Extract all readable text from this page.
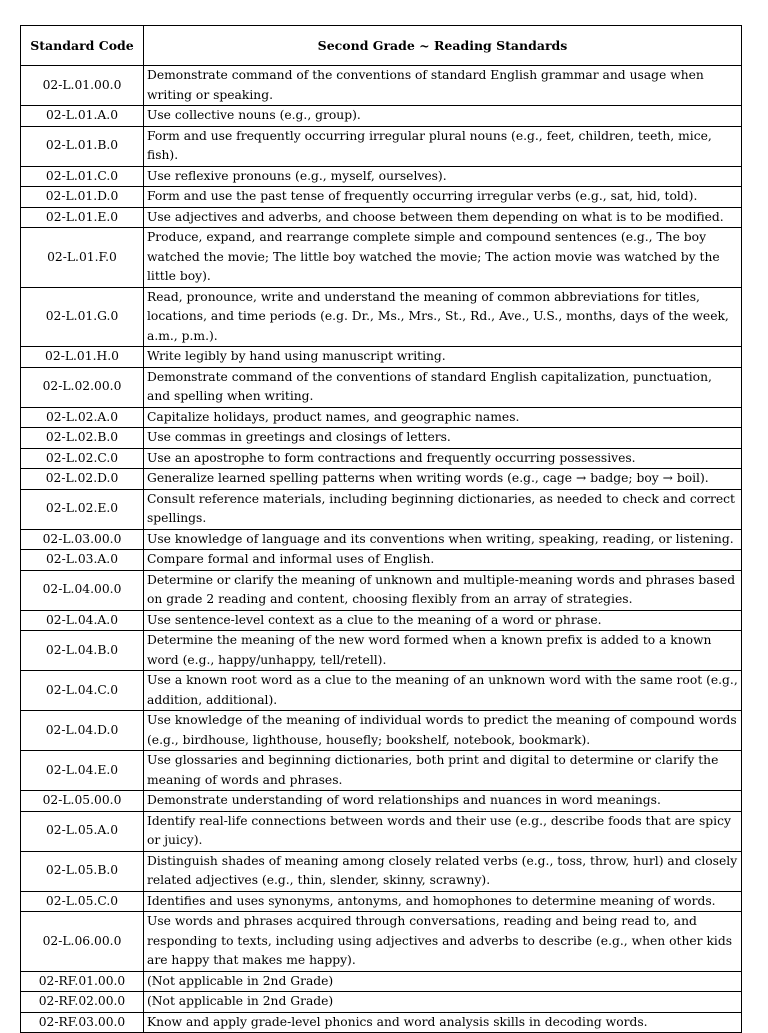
Standard Code	Second Grade ~ Reading Standards
02-L.01.00.0	Demonstrate command of the conventions of standard English grammar and usage when writing or speaking.
02-L.01.A.0	Use collective nouns (e.g., group).
02-L.01.B.0	Form and use frequently occurring irregular plural nouns (e.g., feet, children, teeth, mice, fish).
02-L.01.C.0	Use reflexive pronouns (e.g., myself, ourselves).
02-L.01.D.0	Form and use the past tense of frequently occurring irregular verbs (e.g., sat, hid, told).
02-L.01.E.0	Use adjectives and adverbs, and choose between them depending on what is to be modified.
02-L.01.F.0	Produce, expand, and rearrange complete simple and compound sentences (e.g., The boy watched the movie; The little boy watched the movie; The action movie was watched by the little boy).
02-L.01.G.0	Read, pronounce, write and understand the meaning of common abbreviations for titles, locations, and time periods (e.g. Dr., Ms., Mrs., St., Rd., Ave., U.S., months, days of the week, a.m., p.m.).
02-L.01.H.0	Write legibly by hand using manuscript writing.
02-L.02.00.0	Demonstrate command of the conventions of standard English capitalization, punctuation, and spelling when writing.
02-L.02.A.0	Capitalize holidays, product names, and geographic names.
02-L.02.B.0	Use commas in greetings and closings of letters.
02-L.02.C.0	Use an apostrophe to form contractions and frequently occurring possessives.
02-L.02.D.0	Generalize learned spelling patterns when writing words (e.g., cage → badge; boy → boil).
02-L.02.E.0	Consult reference materials, including beginning dictionaries, as needed to check and correct spellings.
02-L.03.00.0	Use knowledge of language and its conventions when writing, speaking, reading, or listening.
02-L.03.A.0	Compare formal and informal uses of English.
02-L.04.00.0	Determine or clarify the meaning of unknown and multiple-meaning words and phrases based on grade 2 reading and content, choosing flexibly from an array of strategies.
02-L.04.A.0	Use sentence-level context as a clue to the meaning of a word or phrase.
02-L.04.B.0	Determine the meaning of the new word formed when a known prefix is added to a known word (e.g., happy/unhappy, tell/retell).
02-L.04.C.0	Use a known root word as a clue to the meaning of an unknown word with the same root (e.g., addition, additional).
02-L.04.D.0	Use knowledge of the meaning of individual words to predict the meaning of compound words (e.g., birdhouse, lighthouse, housefly; bookshelf, notebook, bookmark).
02-L.04.E.0	Use glossaries and beginning dictionaries, both print and digital to determine or clarify the meaning of words and phrases.
02-L.05.00.0	Demonstrate understanding of word relationships and nuances in word meanings.
02-L.05.A.0	Identify real-life connections between words and their use (e.g., describe foods that are spicy or juicy).
02-L.05.B.0	Distinguish shades of meaning among closely related verbs (e.g., toss, throw, hurl) and closely related adjectives (e.g., thin, slender, skinny, scrawny).
02-L.05.C.0	Identifies and uses synonyms, antonyms, and homophones to determine meaning of words.
02-L.06.00.0	Use words and phrases acquired through conversations, reading and being read to, and responding to texts, including using adjectives and adverbs to describe (e.g., when other kids are happy that makes me happy).
02-RF.01.00.0	(Not applicable in 2nd Grade)
02-RF.02.00.0	(Not applicable in 2nd Grade)
02-RF.03.00.0	Know and apply grade-level phonics and word analysis skills in decoding words.
